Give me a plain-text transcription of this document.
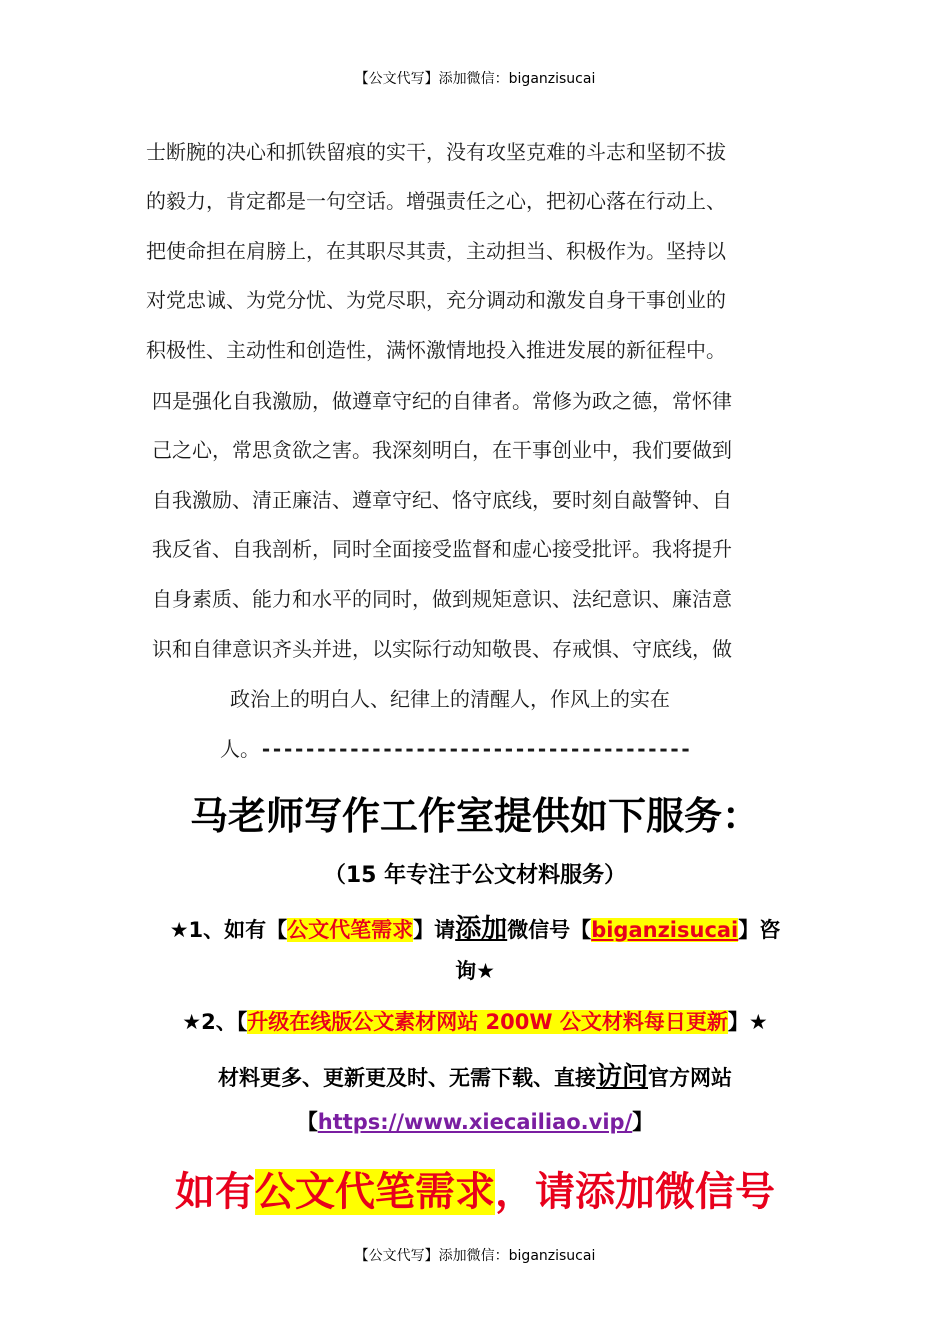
【公文代写】添加微信：biganzisucai
士断腕的决心和抓铁留痕的实干，没有攻坚克难的斗志和坚韧不拔
的毅力，肯定都是一句空话。增强责任之心，把初心落在行动上、
把使命担在肩膀上，在其职尽其责，主动担当、积极作为。坚持以
对党忠诚、为党分忧、为党尽职，充分调动和激发自身干事创业的
积极性、主动性和创造性，满怀激情地投入推进发展的新征程中。
四是强化自我激励，做遵章守纪的自律者。常修为政之德，常怀律
己之心，常思贪欲之害。我深刻明白，在干事创业中，我们要做到
自我激励、清正廉洁、遵章守纪、恪守底线，要时刻自敲警钟、自
我反省、自我剖析，同时全面接受监督和虚心接受批评。我将提升
自身素质、能力和水平的同时，做到规矩意识、法纪意识、廉洁意
识和自律意识齐头并进，以实际行动知敬畏、存戒惧、守底线，做
政治上的明白人、纪律上的清醒人，作风上的实在
人。---------------------------------------
马老师写作工作室提供如下服务：
（15 年专注于公文材料服务）
★1、如有【公文代笔需求】请添加微信号【biganzisucai】咨
询★
★2、【升级在线版公文素材网站 200W 公文材料每日更新】★
材料更多、更新更及时、无需下载、直接访问官方网站
【https://www.xiecailiao.vip/】
如有公文代笔需求，请添加微信号
【公文代写】添加微信：biganzisucai
